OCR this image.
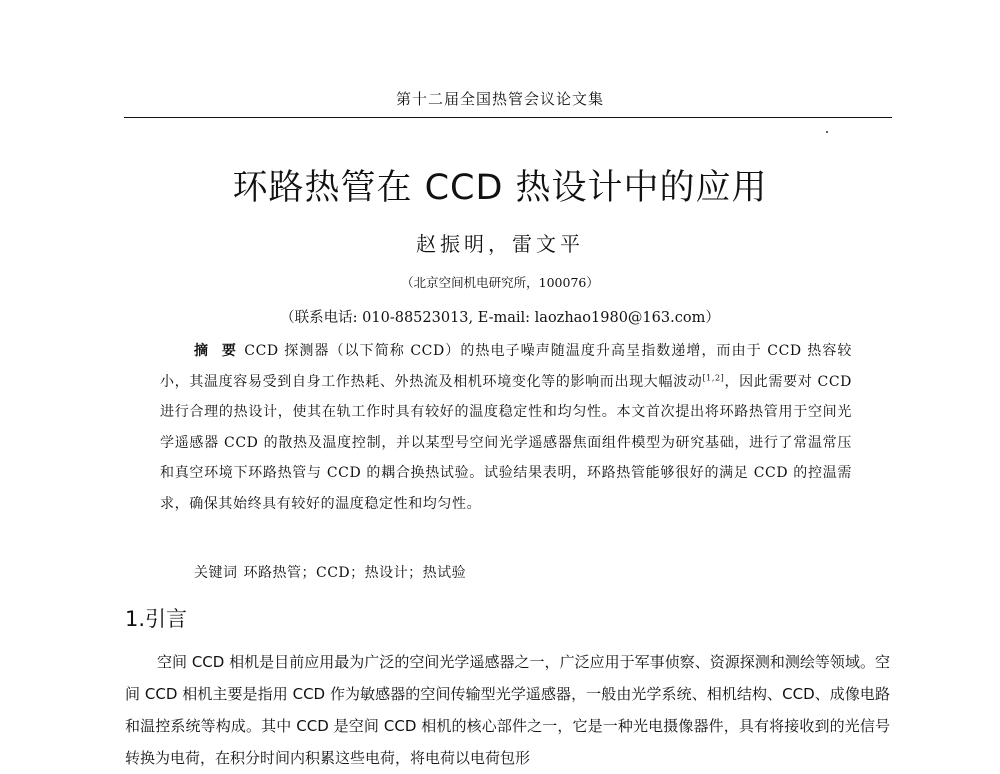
第十二届全国热管会议论文集
环路热管在 CCD 热设计中的应用
赵振明，雷文平
（北京空间机电研究所，100076）
（联系电话: 010-88523013, E-mail: laozhao1980@163.com）
摘 要 CCD 探测器（以下简称 CCD）的热电子噪声随温度升高呈指数递增，而由于 CCD 热容较小，其温度容易受到自身工作热耗、外热流及相机环境变化等的影响而出现大幅波动[1,2]，因此需要对 CCD 进行合理的热设计，使其在轨工作时具有较好的温度稳定性和均匀性。本文首次提出将环路热管用于空间光学遥感器 CCD 的散热及温度控制，并以某型号空间光学遥感器焦面组件模型为研究基础，进行了常温常压和真空环境下环路热管与 CCD 的耦合换热试验。试验结果表明，环路热管能够很好的满足 CCD 的控温需求，确保其始终具有较好的温度稳定性和均匀性。
关键词 环路热管；CCD；热设计；热试验
1.引言
空间 CCD 相机是目前应用最为广泛的空间光学遥感器之一，广泛应用于军事侦察、资源探测和测绘等领域。空间 CCD 相机主要是指用 CCD 作为敏感器的空间传输型光学遥感器，一般由光学系统、相机结构、CCD、成像电路和温控系统等构成。其中 CCD 是空间 CCD 相机的核心部件之一，它是一种光电摄像器件，具有将接收到的光信号转换为电荷，在积分时间内积累这些电荷，将电荷以电荷包形
